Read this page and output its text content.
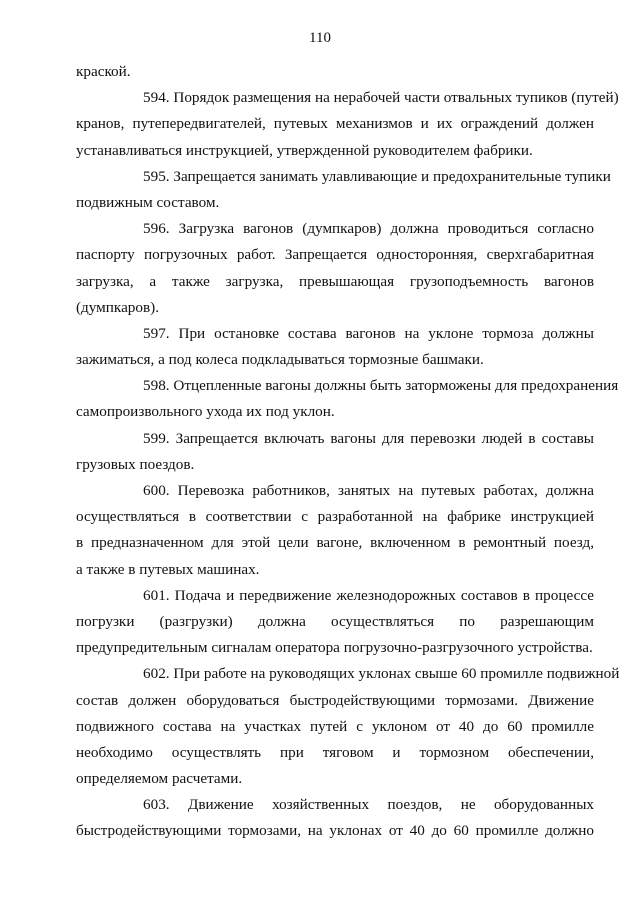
110
краской.
594. Порядок размещения на нерабочей части отвальных тупиков (путей)
кранов, путепередвигателей, путевых механизмов и их ограждений должен
устанавливаться инструкцией, утвержденной руководителем фабрики.
595. Запрещается занимать улавливающие и предохранительные тупики
подвижным составом.
596. Загрузка вагонов (думпкаров) должна проводиться согласно
паспорту погрузочных работ. Запрещается односторонняя, сверхгабаритная
загрузка, а также загрузка, превышающая грузоподъемность вагонов
(думпкаров).
597. При остановке состава вагонов на уклоне тормоза должны
зажиматься, а под колеса подкладываться тормозные башмаки.
598. Отцепленные вагоны должны быть заторможены для предохранения
самопроизвольного ухода их под уклон.
599. Запрещается включать вагоны для перевозки людей в составы
грузовых поездов.
600. Перевозка работников, занятых на путевых работах, должна
осуществляться в соответствии с разработанной на фабрике инструкцией
в предназначенном для этой цели вагоне, включенном в ремонтный поезд,
а также в путевых машинах.
601. Подача и передвижение железнодорожных составов в процессе
погрузки (разгрузки) должна осуществляться по разрешающим
предупредительным сигналам оператора погрузочно-разгрузочного устройства.
602. При работе на руководящих уклонах свыше 60 промилле подвижной
состав должен оборудоваться быстродействующими тормозами. Движение
подвижного состава на участках путей с уклоном от 40 до 60 промилле
необходимо осуществлять при тяговом и тормозном обеспечении,
определяемом расчетами.
603. Движение хозяйственных поездов, не оборудованных
быстродействующими тормозами, на уклонах от 40 до 60 промилле должно
